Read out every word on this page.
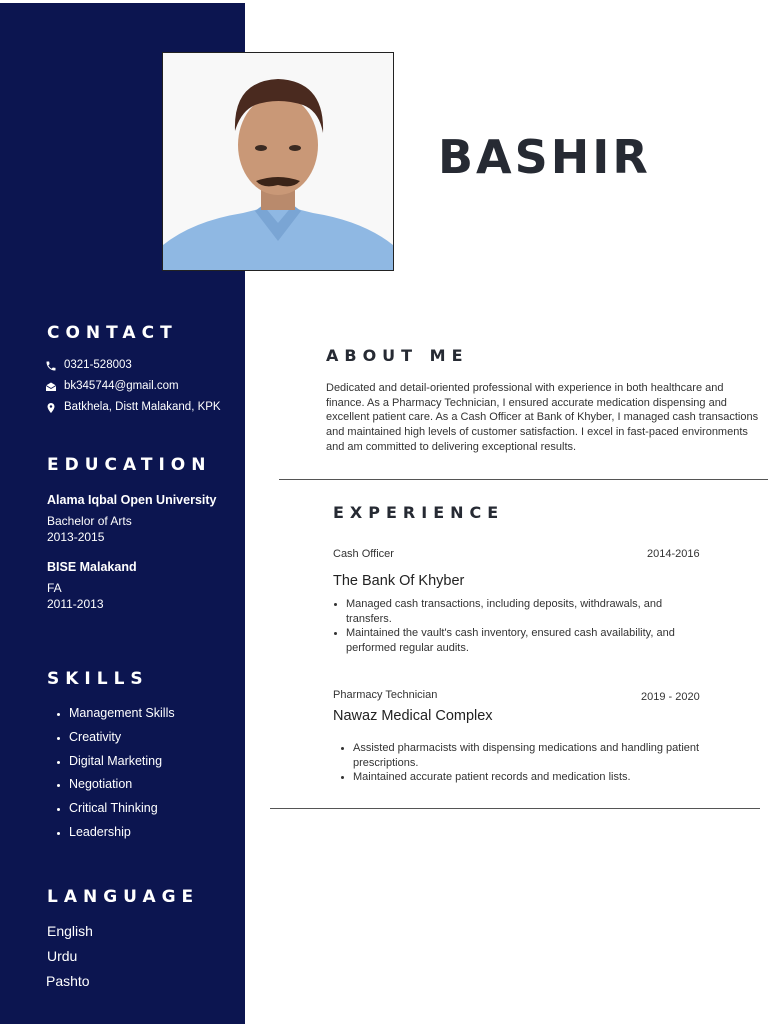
BASHIR
CONTACT
0321-528003
bk345744@gmail.com
Batkhela, Distt Malakand, KPK
EDUCATION

Alama Iqbal Open University

Bachelor of Arts

2013-2015

BISE Malakand

FA

2011-2013

SKILLS
• Management Skills
• Creativity
• Digital Marketing
• Negotiation
• Critical Thinking
• Leadership
LANGUAGE

English

Urdu

Pashto

ABOUT ME

Dedicated and detail-oriented professional with experience in both healthcare and finance. As a Pharmacy Technician, I ensured accurate medication dispensing and excellent patient care. As a Cash Officer at Bank of Khyber, I managed cash transactions and maintained high levels of customer satisfaction. I excel in fast-paced environments and am committed to delivering exceptional results.

EXPERIENCE

Cash Officer	2014-2016

The Bank Of Khyber

• Managed cash transactions, including deposits, withdrawals, and transfers.
• Maintained the vault's cash inventory, ensured cash availability, and performed regular audits.

Pharmacy Technician	2019 - 2020

Nawaz Medical Complex

• Assisted pharmacists with dispensing medications and handling patient prescriptions.
• Maintained accurate patient records and medication lists.
